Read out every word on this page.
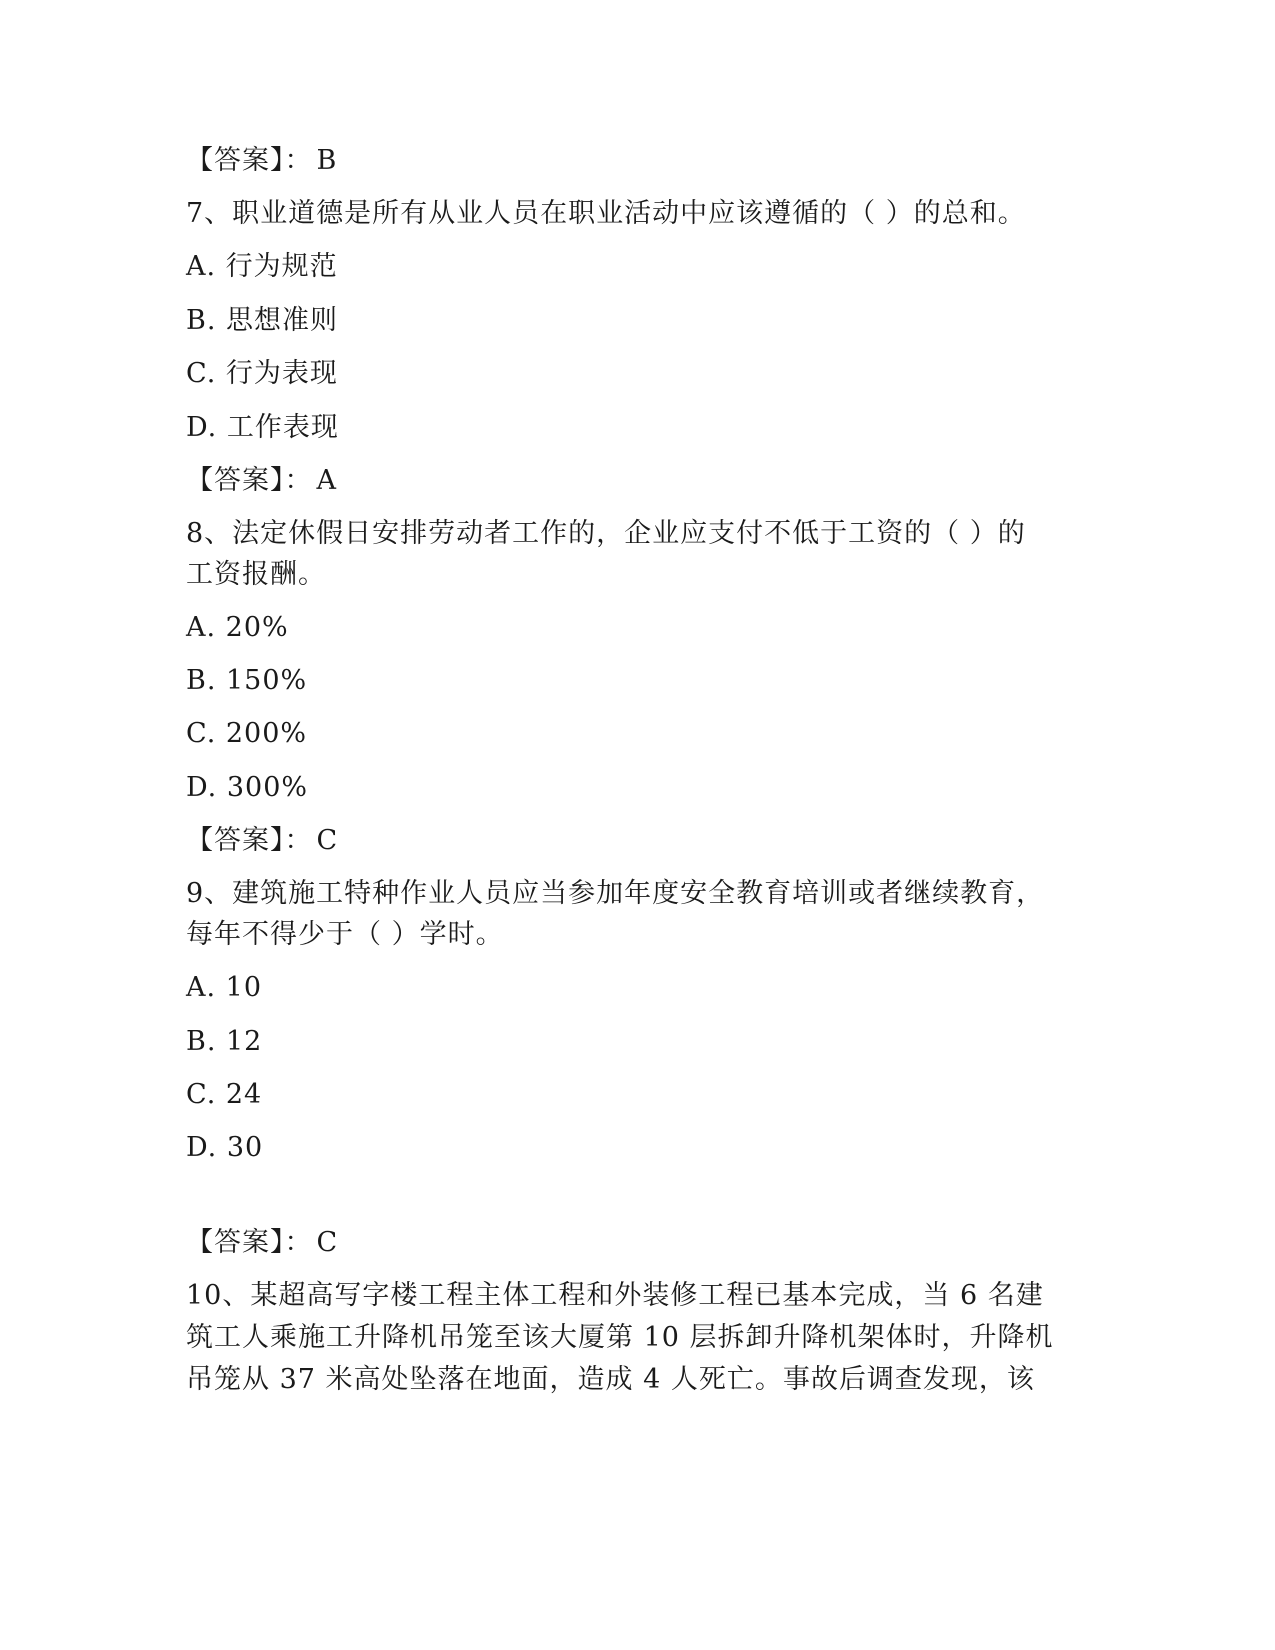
【答案】： B
7、职业道德是所有从业人员在职业活动中应该遵循的（ ）的总和。
A. 行为规范
B. 思想准则
C. 行为表现
D. 工作表现
【答案】： A
8、法定休假日安排劳动者工作的，企业应支付不低于工资的（ ）的
工资报酬。
A. 20%
B. 150%
C. 200%
D. 300%
【答案】： C
9、建筑施工特种作业人员应当参加年度安全教育培训或者继续教育，
每年不得少于（ ）学时。
A. 10
B. 12
C. 24
D. 30
【答案】： C
10、某超高写字楼工程主体工程和外装修工程已基本完成，当 6 名建
筑工人乘施工升降机吊笼至该大厦第 10 层拆卸升降机架体时，升降机
吊笼从 37 米高处坠落在地面，造成 4 人死亡。事故后调查发现，该
